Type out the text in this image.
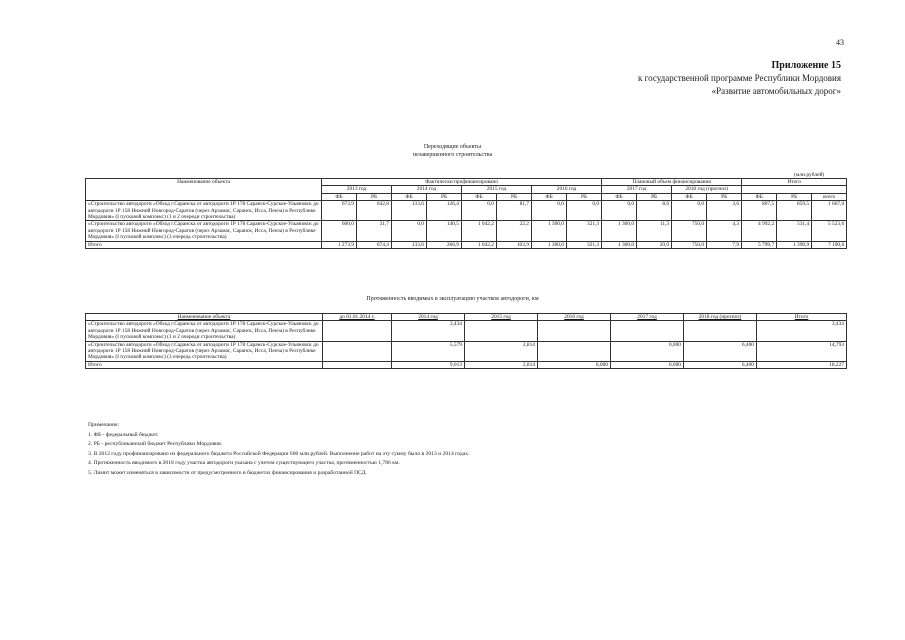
43
Приложение 15
к государственной программе Республики Мордовия
«Развитие автомобильных дорог»
Переходящие объекты
незавершенного строительства
(млн.рублей)
Наименование объекта	Фактически профинансировано								Плановый объем финансирования				Итого		
	2013 год		2014 год		2015 год		2016 год		2017 год		2018 год (прогноз)				
	ФБ	РБ	ФБ	РБ	ФБ	РБ	ФБ	РБ	ФБ	РБ	ФБ	РБ	ФБ	РБ	всего
«Строительство автодороги «Обход г.Саранска от автодороги 1Р 178 Саранск-Сурское-Ульяновск до автодороги 1Р 158 Нижний Новгород-Саратов (через Арзамас, Саранск, Исса, Пенза) в Республике Мордовия» (I пусковой комплекс) (1 и 2 очереди строительства)	673,9	642,8	133,6	126,4	0,0	81,7	0,0	0,0	0,0	8,6	0,0	3,6	807,5	859,5	1 667,0
«Строительство автодороги «Обход г.Саранска от автодороги 1Р 178 Саранск-Сурское-Ульяновск до автодороги 1Р 158 Нижний Новгород-Саратов (через Арзамас, Саранск, Исса, Пенза) в Республике Мордовия» (I пусковой комплекс) (3 очередь строительства)	600,0	31,7	0,0	140,5	1 042,2	22,2	1 300,0	321,3	1 300,0	11,3	750,0	4,3	4 992,2	531,4	5 523,6
Итого	1 273,9	674,4	133,6	266,9	1 042,2	103,9	1 300,0	321,3	1 300,0	20,0	750,0	7,9	5 799,7	1 390,9	7 190,6
Протяженность вводимых в эксплуатацию участков автодороги, км
Наименование объекта	до 01.01.2014 г.	2014 год	2015 год	2016 год	2017 год	2018 год (прогноз)	Итого
«Строительство автодороги «Обход г.Саранска от автодороги 1Р 178 Саранск-Сурское-Ульяновск до автодороги 1Р 158 Нижний Новгород-Саратов (через Арзамас, Саранск, Исса, Пенза) в Республике Мордовия» (I пусковой комплекс) (1 и 2 очереди строительства)		3,434					3,434
«Строительство автодороги «Обход г.Саранска от автодороги 1Р 178 Саранск-Сурское-Ульяновск до автодороги 1Р 158 Нижний Новгород-Саратов (через Арзамас, Саранск, Исса, Пенза) в Республике Мордовия» (I пусковой комплекс) (3 очередь строительства)		5,579	2,814		0,000	6,400	14,793
Итого		9,013	2,814	0,000	0,000	6,400	18,227
Примечание:
1. ФБ - федеральный бюджет.
2. РБ - республиканский бюджет Республики Мордовия.
3. В 2012 году профинансировано из федерального бюджета Российской Федерации 600 млн.рублей. Выполнение работ на эту сумму было в 2013 и 2014 годах.
4. Протяженность вводимого в 2018 году участка автодороги указана с учетом существующего участка, протяженностью 1,786 км.
5. Лимит может изменяться в зависимости от предусмотренного в бюджетах финансирования и разработанной ПСД.
